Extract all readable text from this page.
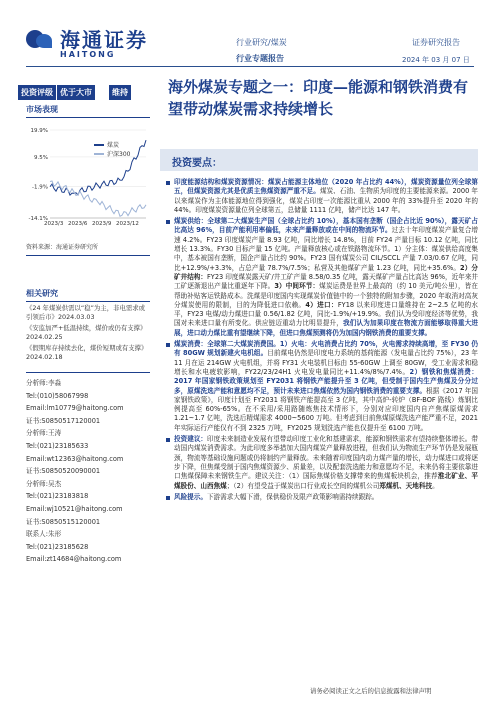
海通证券
HAITONG
行业研究/煤炭
行业专题报告
证券研究报告
2024 年 03 月 07 日
投资评级 优于大市	维持
市场表现
19.9%
9.5%
-1.9%
-14.1%
2023/3 2023/6 2023/9 2023/12
煤炭
沪深300
资料来源：海通证券研究所
相关研究
《24 年煤炭供需以“稳”为主，非电需求或引领后市》2024.03.03
《安监加严+低温持续，煤价或仍有支撑》2024.02.25
《假期库存持续去化，煤价短期或有支撑》2024.02.18
分析师:李淼
Tel:(010)58067998
Email:lm10779@haitong.com
证书:S0850517120001
分析师:王涛
Tel:(021)23185633
Email:wt12363@haitong.com
证书:S0850520090001
分析师:吴杰
Tel:(021)23183818
Email:wj10521@haitong.com
证书:S0850515120001
联系人:朱形
Tel:(021)23185628
Email:zt14684@haitong.com
海外煤炭专题之一：印度—能源和钢铁消费有望带动煤炭需求持续增长
投资要点：
印度能源结构和煤炭资源情况：煤炭占能源主体地位（2020 年占比约 44%），煤炭资源量位列全球第五，但煤炭资源尤其是优质主焦煤资源严重不足。煤炭、石油、生物质为印度的主要能源来源。2000 年以来煤炭作为主体能源地位得到强化，煤炭占印度一次能源比重从 2000 年的 33%提升至 2020 年的 44%。印度煤炭资源量位列全球第五，总储量 1111 亿吨，储产比达 147 年。
煤炭供给：全球第二大煤炭生产国（全球占比约 10%），基本国有垄断（国企占比近 90%），露天矿占比高达 96%，目前产能利用率偏低，未来产量释放或在中间的物流环节。过去十年印度煤炭产量复合增速 4.2%。FY23 印度煤炭产量 8.93 亿吨，同比增长 14.8%，目前 FY24 产量目标 10.12 亿吨，同比增长 13.3%。FY30 目标产量 15 亿吨。产量释放核心或在铁路物流环节。1）分主体：煤炭供给高度集中，基本被国有垄断，国企产量占比约 90%。FY23 国有煤炭公司 CIL/SCCL 产量 7.03/0.67 亿吨，同比+12.9%/+3.3%，占总产量 78.7%/7.5%；私营及其他煤矿产量 1.23 亿吨，同比+35.6%。2）分矿井结构：FY23 印度煤炭露天矿/井工矿产量 8.58/0.35 亿吨，露天煤矿产量占比高达 96%，近年来井工矿逐渐退出产量比重逐年下降。3）中间环节：煤炭运费是世界上最高的（约 10 美元/吨公里），皆在帮助补贴客运铁路成本。洗煤是印度国内实现煤炭价值链中的一个独特的附加步骤，2020 年取消对高灰分煤炭使用的限制，目的为降低进口依赖。4）进口：FY18 以来印度进口量维持在 2~2.5 亿吨的水平，FY23 电煤/动力煤进口量 0.56/1.82 亿吨，同比-1.9%/+19.9%。我们认为受印度经济等优势，我国对未来进口量有所变化。供应链迈重动力比明显提升，我们认为加果印度在物流方面能够取得重大进展，进口动力煤比重有望继续下降，但进口焦煤预测将仍为加国内钢铁消费的重要支撑。
煤炭消费：全球第二大煤炭消费国。1）火电：火电消费占比约 70%，火电需求持续高增，至 FY30 仍有 80GW 规划新建火电机组。目前煤电仍然是印度电力系统的基荷能源（发电量占比约 75%），23 年 11 月在运 214GW 火电机组，并将 FY31 火电装机目标由 55-60GW 上调至 80GW，受工业需求和稳增长和水电疲软影响，FY22/23/24H1 火电发电量同比+11.4%/8%/7.4%。2）钢铁和焦煤消费：2017 年国家钢铁政策规划至 FY2031 将钢铁产能提升至 3 亿吨，但受制于国内生产焦煤及分分过多，原煤洗选产能和意愿均不足，预计未来进口焦煤依然为国内钢铁消费的重要支撑。根据《2017 年国家钢铁政策》，印度计划至 FY2031 将钢铁产能提高至 3 亿吨，其中高炉-转炉（BF-BOF 路线）炼钢比例提高至 60%-65%。在不采用/采用路随炼焦技术情形下，分别对应印度国内自产焦煤原煤需求 1.21~1.7 亿吨，洗选后精煤需求 4000~5600 万吨。但考虑到目前焦煤原煤洗选产能严重不足，2021 年实际运行产能仅有不到 2325 万吨，FY2025 规划洗选产能也仅提升至 6100 万吨。
投资建议：印度未来制造业发展有望带动印度工业化和基建需求，能源和钢铁需求有望持续整体增长。带动国内煤炭消费需求。为此印度多举措加大国内煤炭产量释放进程，但我们认为物流生产环节仍是发展瓶颈，物流等基础设施问题或仍将制约产量释放。未来随着印度国内动力煤产量的增长，动力煤进口或将逐步下降，但焦煤受制于国内焦煤资源少、质量差，以及配套洗选能力和意愿均不足，未来仍将主要依靠进口焦煤保障未来钢铁生产。建议关注：（1）国际焦煤价格支撑带来的焦煤板块机会，推荐淮北矿业、平煤股份、山西焦煤；（2）有望受益于煤炭出口行业成长空间的煤机公司郑煤机、天地科技。
风险提示。下游需求大幅下滑，保供稳价及限产政策影响需持续跟踪。
请务必阅读正文之后的信息披露和法律声明
